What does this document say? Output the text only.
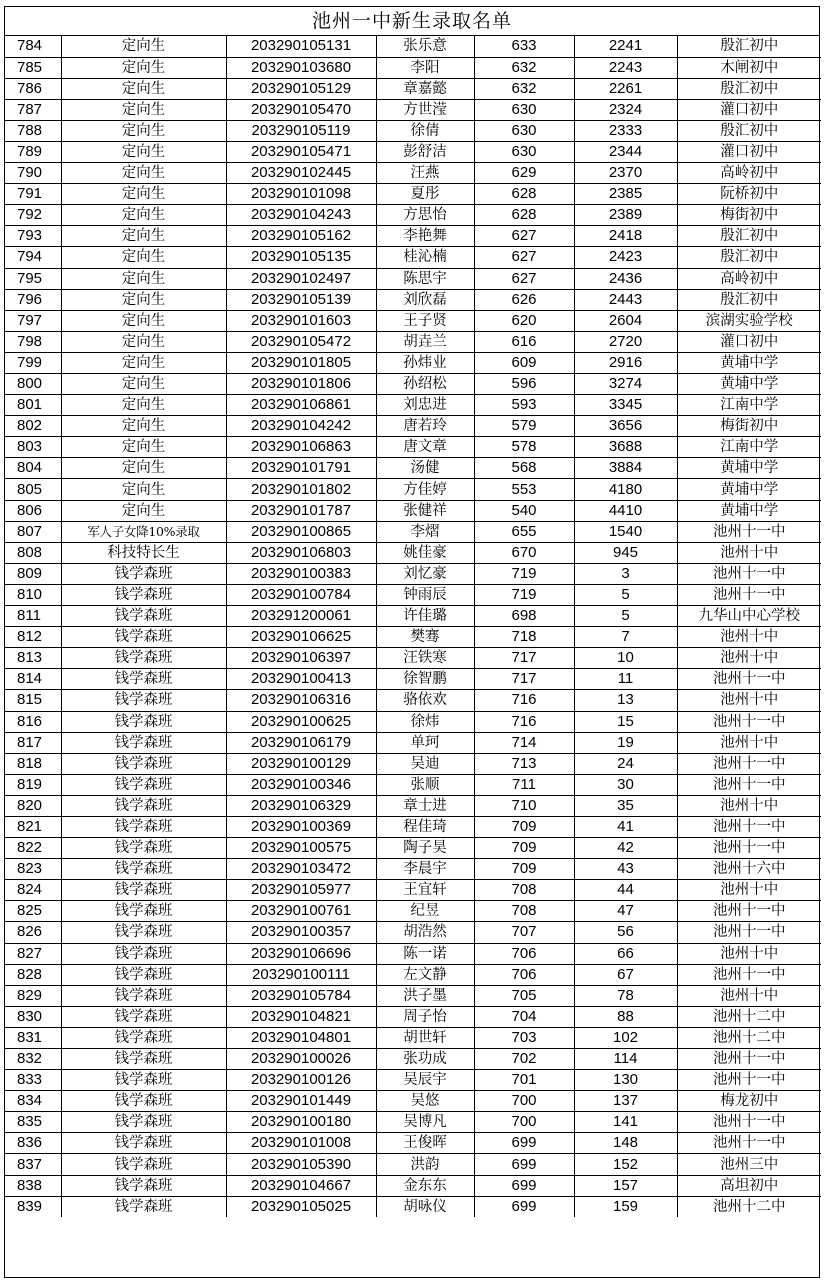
池州一中新生录取名单
784	定向生	203290105131	张乐意	633	2241	殷汇初中
785	定向生	203290103680	李阳	632	2243	木闸初中
786	定向生	203290105129	章嘉懿	632	2261	殷汇初中
787	定向生	203290105470	方世滢	630	2324	灌口初中
788	定向生	203290105119	徐倩	630	2333	殷汇初中
789	定向生	203290105471	彭舒洁	630	2344	灌口初中
790	定向生	203290102445	汪燕	629	2370	高岭初中
791	定向生	203290101098	夏彤	628	2385	阮桥初中
792	定向生	203290104243	方思怡	628	2389	梅街初中
793	定向生	203290105162	李艳舞	627	2418	殷汇初中
794	定向生	203290105135	桂沁楠	627	2423	殷汇初中
795	定向生	203290102497	陈思宇	627	2436	高岭初中
796	定向生	203290105139	刘欣磊	626	2443	殷汇初中
797	定向生	203290101603	王子贤	620	2604	滨湖实验学校
798	定向生	203290105472	胡垚兰	616	2720	灌口初中
799	定向生	203290101805	孙炜业	609	2916	黄埔中学
800	定向生	203290101806	孙绍松	596	3274	黄埔中学
801	定向生	203290106861	刘忠进	593	3345	江南中学
802	定向生	203290104242	唐若玲	579	3656	梅街初中
803	定向生	203290106863	唐文章	578	3688	江南中学
804	定向生	203290101791	汤健	568	3884	黄埔中学
805	定向生	203290101802	方佳婷	553	4180	黄埔中学
806	定向生	203290101787	张健祥	540	4410	黄埔中学
807	军人子女降10%录取	203290100865	李熠	655	1540	池州十一中
808	科技特长生	203290106803	姚佳豪	670	945	池州十中
809	钱学森班	203290100383	刘忆豪	719	3	池州十一中
810	钱学森班	203290100784	钟雨辰	719	5	池州十一中
811	钱学森班	203291200061	许佳璐	698	5	九华山中心学校
812	钱学森班	203290106625	樊骞	718	7	池州十中
813	钱学森班	203290106397	汪铁寒	717	10	池州十中
814	钱学森班	203290100413	徐智鹏	717	11	池州十一中
815	钱学森班	203290106316	骆依欢	716	13	池州十中
816	钱学森班	203290100625	徐炜	716	15	池州十一中
817	钱学森班	203290106179	单珂	714	19	池州十中
818	钱学森班	203290100129	吴迪	713	24	池州十一中
819	钱学森班	203290100346	张顺	711	30	池州十一中
820	钱学森班	203290106329	章士进	710	35	池州十中
821	钱学森班	203290100369	程佳琦	709	41	池州十一中
822	钱学森班	203290100575	陶子昊	709	42	池州十一中
823	钱学森班	203290103472	李晨宇	709	43	池州十六中
824	钱学森班	203290105977	王宜轩	708	44	池州十中
825	钱学森班	203290100761	纪昱	708	47	池州十一中
826	钱学森班	203290100357	胡浩然	707	56	池州十一中
827	钱学森班	203290106696	陈一诺	706	66	池州十中
828	钱学森班	203290100111	左文静	706	67	池州十一中
829	钱学森班	203290105784	洪子墨	705	78	池州十中
830	钱学森班	203290104821	周子怡	704	88	池州十二中
831	钱学森班	203290104801	胡世轩	703	102	池州十二中
832	钱学森班	203290100026	张功成	702	114	池州十一中
833	钱学森班	203290100126	吴辰宇	701	130	池州十一中
834	钱学森班	203290101449	吴悠	700	137	梅龙初中
835	钱学森班	203290100180	吴博凡	700	141	池州十一中
836	钱学森班	203290101008	王俊晖	699	148	池州十一中
837	钱学森班	203290105390	洪韵	699	152	池州三中
838	钱学森班	203290104667	金东东	699	157	高坦初中
839	钱学森班	203290105025	胡咏仪	699	159	池州十二中
